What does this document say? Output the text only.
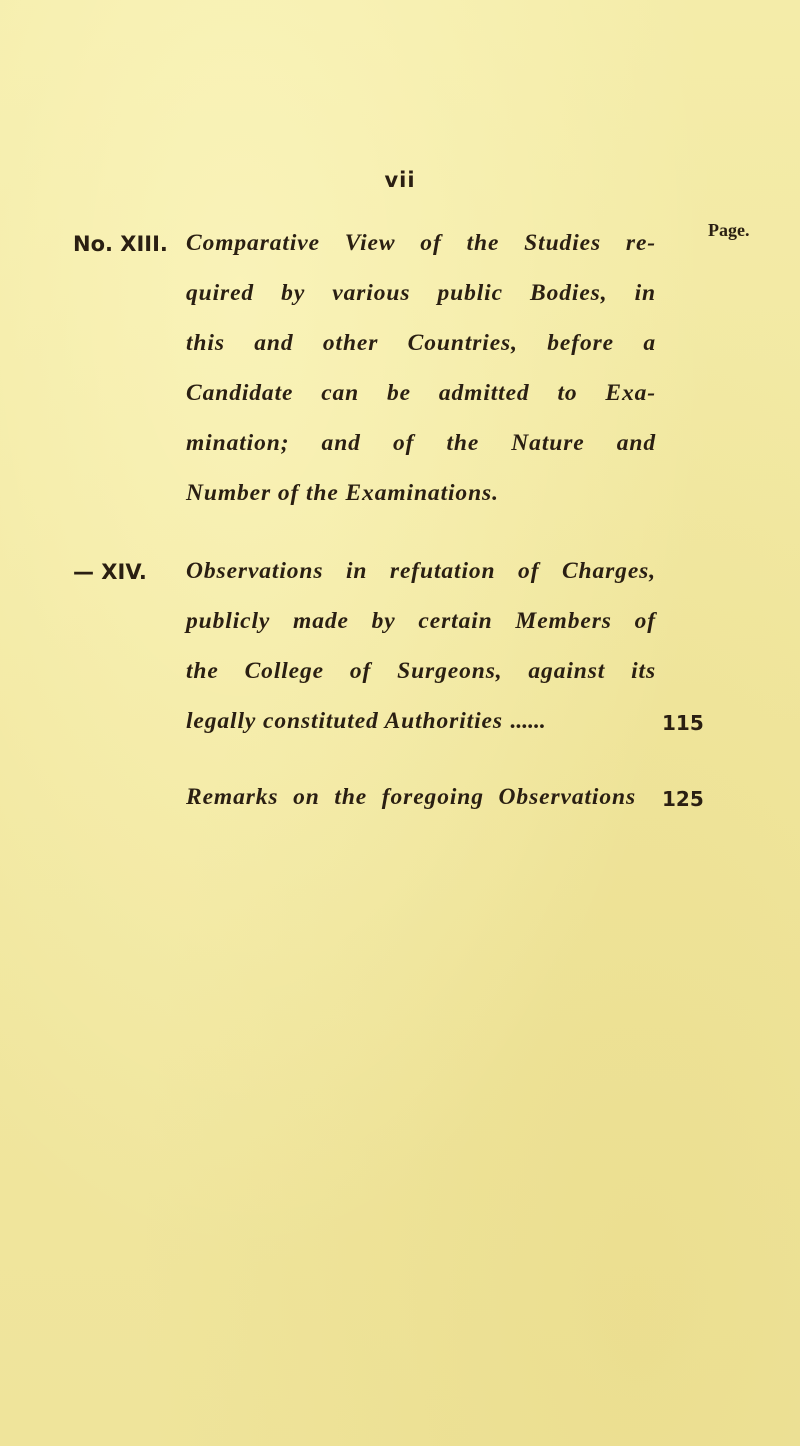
vii
Page.
No. XIII. Comparative View of the Studies re-
quired by various public Bodies, in
this and other Countries, before a
Candidate can be admitted to Exa-
mination; and of the Nature and
Number of the Examinations.
— XIV. Observations in refutation of Charges,
publicly made by certain Members of
the College of Surgeons, against its
legally constituted Authorities ......	115
Remarks on the foregoing Observations 125
